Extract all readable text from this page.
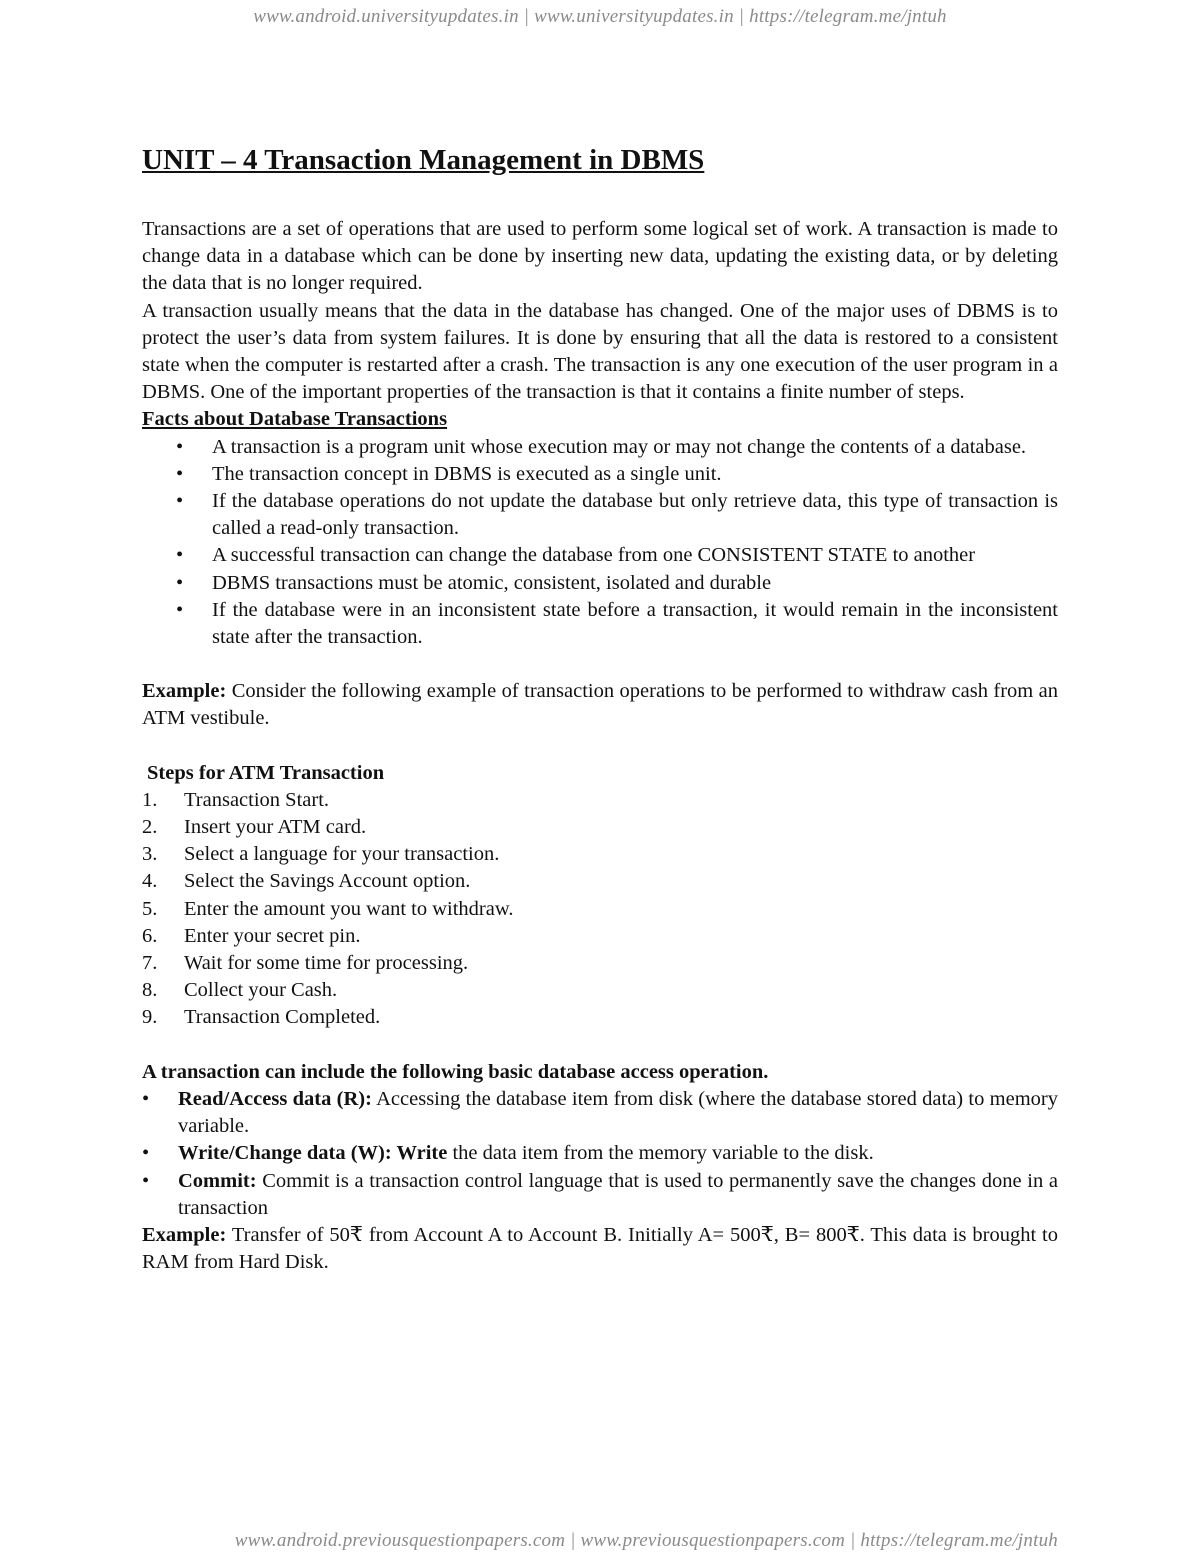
www.android.universityupdates.in | www.universityupdates.in | https://telegram.me/jntuh
UNIT – 4 Transaction Management in DBMS

Transactions are a set of operations that are used to perform some logical set of work. A transaction is made to change data in a database which can be done by inserting new data, updating the existing data, or by deleting the data that is no longer required.

A transaction usually means that the data in the database has changed. One of the major uses of DBMS is to protect the user’s data from system failures. It is done by ensuring that all the data is restored to a consistent state when the computer is restarted after a crash. The transaction is any one execution of the user program in a DBMS. One of the important properties of the transaction is that it contains a finite number of steps.

Facts about Database Transactions
• A transaction is a program unit whose execution may or may not change the contents of a database.
• The transaction concept in DBMS is executed as a single unit.
• If the database operations do not update the database but only retrieve data, this type of transaction is called a read-only transaction.
• A successful transaction can change the database from one CONSISTENT STATE to another
• DBMS transactions must be atomic, consistent, isolated and durable
• If the database were in an inconsistent state before a transaction, it would remain in the inconsistent state after the transaction.

Example: Consider the following example of transaction operations to be performed to withdraw cash from an ATM vestibule.

Steps for ATM Transaction
1.	Transaction Start.
2.	Insert your ATM card.
3.	Select a language for your transaction.
4.	Select the Savings Account option.
5.	Enter the amount you want to withdraw.
6.	Enter your secret pin.
7.	Wait for some time for processing.
8.	Collect your Cash.
9.	Transaction Completed.
A transaction can include the following basic database access operation.
• Read/Access data (R): Accessing the database item from disk (where the database stored data) to memory variable.
• Write/Change data (W): Write the data item from the memory variable to the disk.
• Commit: Commit is a transaction control language that is used to permanently save the changes done in a transaction

Example: Transfer of 50₹ from Account A to Account B. Initially A= 500₹, B= 800₹. This data is brought to RAM from Hard Disk.

www.android.previousquestionpapers.com | www.previousquestionpapers.com | https://telegram.me/jntuh
